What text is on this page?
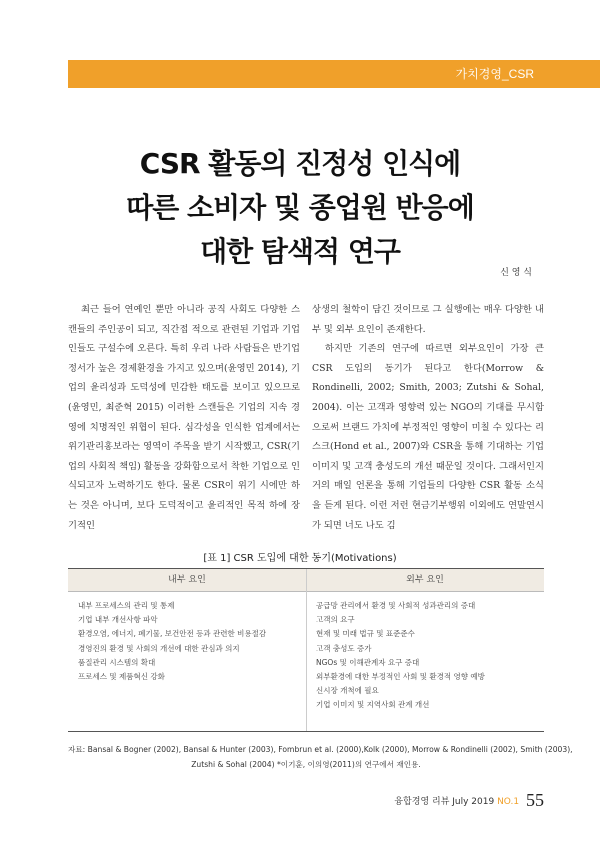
가치경영_CSR
CSR 활동의 진정성 인식에
따른 소비자 및 종업원 반응에
대한 탐색적 연구
신 영 식

최근 들어 연예인 뿐만 아니라 공직 사회도 다양한 스캔들의 주인공이 되고, 직간접 적으로 관련된 기업과 기업인들도 구설수에 오른다. 특히 우리 나라 사람들은 반기업 정서가 높은 경제환경을 가지고 있으며(윤영민 2014), 기업의 윤리성과 도덕성에 민감한 태도를 보이고 있으므로(윤영민, 최준혁 2015) 이러한 스캔들은 기업의 지속 경영에 치명적인 위협이 된다. 심각성을 인식한 업계에서는 위기관리홍보라는 영역이 주목을 받기 시작했고, CSR(기업의 사회적 책임) 활동을 강화함으로서 착한 기업으로 인식되고자 노력하기도 한다. 물론 CSR이 위기 시에만 하는 것은 아니며, 보다 도덕적이고 윤리적인 목적 하에 장기적인

상생의 철학이 담긴 것이므로 그 실행에는 매우 다양한 내부 및 외부 요인이 존재한다.

하지만 기존의 연구에 따르면 외부요인이 가장 큰 CSR 도입의 동기가 된다고 한다(Morrow & Rondinelli, 2002; Smith, 2003; Zutshi & Sohal, 2004). 이는 고객과 영향력 있는 NGO의 기대를 무시함으로써 브랜드 가치에 부정적인 영향이 미칠 수 있다는 리스크(Hond et al., 2007)와 CSR을 통해 기대하는 기업 이미지 및 고객 충성도의 개선 때문일 것이다. 그래서인지 거의 매일 언론을 통해 기업들의 다양한 CSR 활동 소식을 듣게 된다. 이런 저런 현금기부행위 이외에도 연말연시가 되면 너도 나도 김

[표 1] CSR 도입에 대한 동기(Motivations)
내부 요인	외부 요인
내부 프로세스의 관리 및 통제
기업 내부 개선사항 파악
환경오염, 에너지, 폐기물, 보건안전 등과 관련한 비용절감
경영진의 환경 및 사회의 개선에 대한 관심과 의지
품질관리 시스템의 확대
프로세스 및 제품혁신 강화
공급망 관리에서 환경 및 사회적 성과관리의 증대
고객의 요구
현재 및 미래 법규 및 표준준수
고객 충성도 증가
NGOs 및 이해관계자 요구 증대
외부환경에 대한 부정적인 사회 및 환경적 영향 예방
신시장 개척에 필요
기업 이미지 및 지역사회 관계 개선
자료: Bansal & Bogner (2002), Bansal & Hunter (2003), Fombrun et al. (2000),Kolk (2000), Morrow & Rondinelli (2002), Smith (2003),
Zutshi & Sohal (2004) *이기훈, 이의영(2011)의 연구에서 재인용.
융합경영 리뷰 July 2019 NO.1 55
